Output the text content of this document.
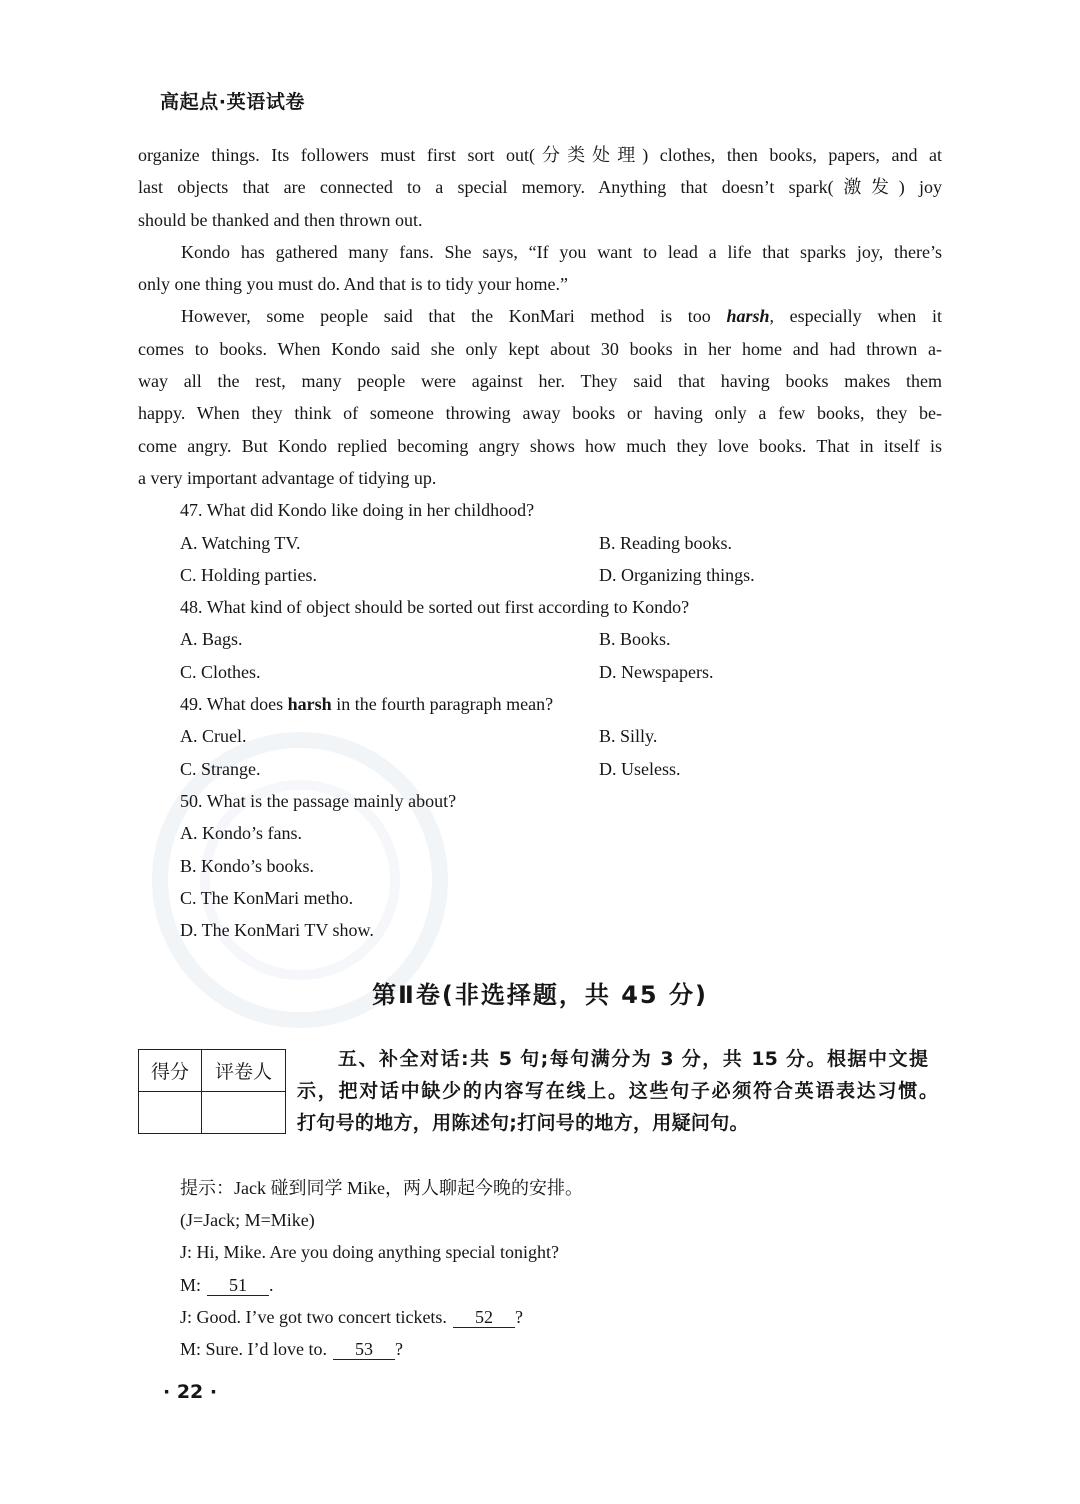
高起点·英语试卷
organize things. Its followers must first sort out(分类处理) clothes, then books, papers, and at
last objects that are connected to a special memory. Anything that doesn’t spark(激发) joy
should be thanked and then thrown out.
Kondo has gathered many fans. She says, “If you want to lead a life that sparks joy, there’s
only one thing you must do. And that is to tidy your home.”
However, some people said that the KonMari method is too harsh, especially when it
comes to books. When Kondo said she only kept about 30 books in her home and had thrown a-
way all the rest, many people were against her. They said that having books makes them
happy. When they think of someone throwing away books or having only a few books, they be-
come angry. But Kondo replied becoming angry shows how much they love books. That in itself is
a very important advantage of tidying up.
47. What did Kondo like doing in her childhood?
A. Watching TV.	B. Reading books.
C. Holding parties.	D. Organizing things.
48. What kind of object should be sorted out first according to Kondo?
A. Bags.	B. Books.
C. Clothes.	D. Newspapers.
49. What does harsh in the fourth paragraph mean?
A. Cruel.	B. Silly.
C. Strange.	D. Useless.
50. What is the passage mainly about?
A. Kondo’s fans.
B. Kondo’s books.
C. The KonMari metho.
D. The KonMari TV show.
第Ⅱ卷(非选择题，共 45 分)
得分	评卷人

五、补全对话:共 5 句;每句满分为 3 分，共 15 分。根据中文提
示，把对话中缺少的内容写在线上。这些句子必须符合英语表达习惯。
打句号的地方，用陈述句;打问号的地方，用疑问句。
提示：Jack 碰到同学 Mike，两人聊起今晚的安排。
(J=Jack; M=Mike)
J: Hi, Mike. Are you doing anything special tonight?
M: 51 .
J: Good. I’ve got two concert tickets. 52 ?
M: Sure. I’d love to. 53 ?
· 22 ·
